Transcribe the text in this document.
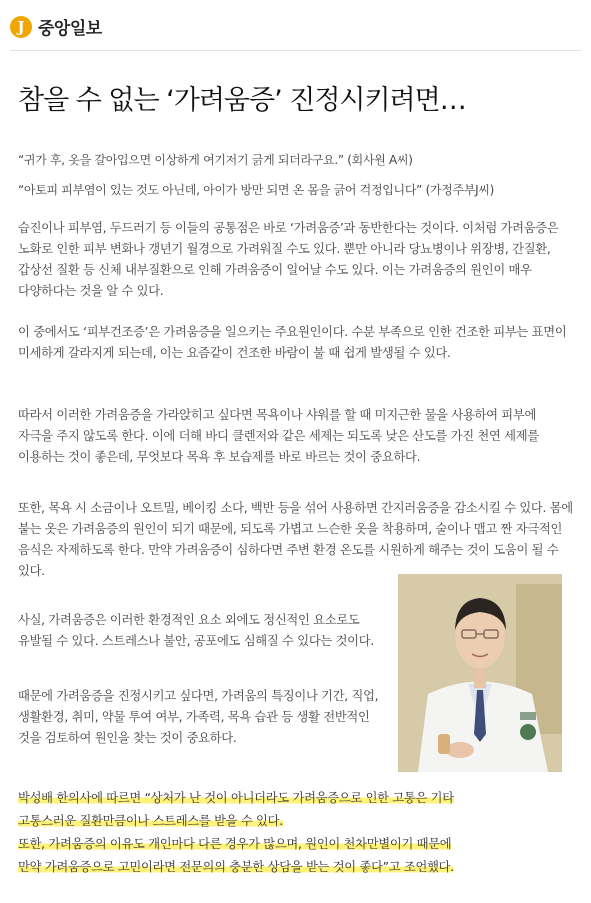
J 중앙일보
참을 수 없는 ‘가려움증’ 진정시키려면…
“귀가 후, 옷을 갈아입으면 이상하게 여기저기 긁게 되더라구요.” (회사원 A씨)
“아토피 피부염이 있는 것도 아닌데, 아이가 방만 되면 온 몸을 긁어 걱정입니다” (가정주부J씨)

습진이나 피부염, 두드러기 등 이들의 공통점은 바로 ‘가려움증’과 동반한다는 것이다. 이처럼 가려움증은 노화로 인한 피부 변화나 갱년기 월경으로 가려워질 수도 있다. 뿐만 아니라 당뇨병이나 위장병, 간질환, 갑상선 질환 등 신체 내부질환으로 인해 가려움증이 일어날 수도 있다. 이는 가려움증의 원인이 매우 다양하다는 것을 알 수 있다.

이 중에서도 ‘피부건조증’은 가려움증을 일으키는 주요원인이다. 수분 부족으로 인한 건조한 피부는 표면이 미세하게 갈라지게 되는데, 이는 요즘같이 건조한 바람이 불 때 쉽게 발생될 수 있다.

따라서 이러한 가려움증을 가라앉히고 싶다면 목욕이나 샤워를 할 때 미지근한 물을 사용하여 피부에 자극을 주지 않도록 한다. 이에 더해 바디 클렌저와 같은 세제는 되도록 낮은 산도를 가진 천연 세제를 이용하는 것이 좋은데, 무엇보다 목욕 후 보습제를 바로 바르는 것이 중요하다.

또한, 목욕 시 소금이나 오트밀, 베이킹 소다, 백반 등을 섞어 사용하면 간지러움증을 감소시킬 수 있다. 몸에 붙는 옷은 가려움증의 원인이 되기 때문에, 되도록 가볍고 느슨한 옷을 착용하며, 술이나 맵고 짠 자극적인 음식은 자제하도록 한다. 만약 가려움증이 심하다면 주변 환경 온도를 시원하게 해주는 것이 도움이 될 수 있다.

사실, 가려움증은 이러한 환경적인 요소 외에도 정신적인 요소로도 유발될 수 있다. 스트레스나 불안, 공포에도 심해질 수 있다는 것이다.

때문에 가려움증을 진정시키고 싶다면, 가려움의 특징이나 기간, 직업, 생활환경, 취미, 약물 투여 여부, 가족력, 목욕 습관 등 생활 전반적인 것을 검토하여 원인을 찾는 것이 중요하다.

박성배 한의사에 따르면 “상처가 난 것이 아니더라도 가려움증으로 인한 고통은 기타
고통스러운 질환만큼이나 스트레스를 받을 수 있다.
또한, 가려움증의 이유도 개인마다 다른 경우가 많으며, 원인이 천차만별이기 때문에
만약 가려움증으로 고민이라면 전문의의 충분한 상담을 받는 것이 좋다”고 조언했다.
